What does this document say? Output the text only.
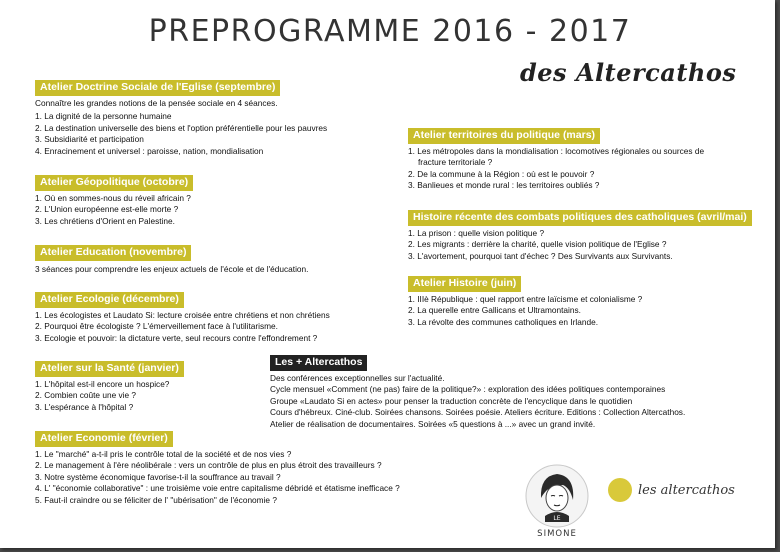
PREPROGRAMME 2016 - 2017
des Altercathos
Atelier Doctrine Sociale de l'Eglise (septembre)
Connaître les grandes notions de la pensée sociale en 4 séances.
1. La dignité de la personne humaine
2. La destination universelle des biens et l'option préférentielle pour les pauvres
3. Subsidiarité et participation
4. Enracinement et universel : paroisse, nation, mondialisation
Atelier Géopolitique (octobre)
1. Où en sommes-nous du réveil africain ?
2. L'Union européenne est-elle morte ?
3. Les chrétiens d'Orient en Palestine.
Atelier Education (novembre)
3 séances pour comprendre les enjeux actuels de l'école et de l'éducation.
Atelier Ecologie (décembre)
1. Les écologistes et Laudato Si: lecture croisée entre chrétiens et non chrétiens
2. Pourquoi être écologiste ? L'émerveillement face à l'utilitarisme.
3. Ecologie et pouvoir: la dictature verte, seul recours contre l'effondrement ?
Atelier sur la Santé (janvier)
1. L'hôpital est-il encore un hospice?
2. Combien coûte une vie ?
3. L'espérance à l'hôpital ?
Atelier Economie (février)
1. Le "marché" a-t-il pris le contrôle total de la société et de nos vies ?
2. Le management à l'ère néolibérale : vers un contrôle de plus en plus étroit des travailleurs ?
3. Notre système économique favorise-t-il la souffrance au travail ?
4. L' "économie collaborative" : une troisième voie entre capitalisme débridé et étatisme inefficace ?
5. Faut-il craindre ou se féliciter de l' "ubérisation" de l'économie ?
Atelier territoires du politique (mars)
1. Les métropoles dans la mondialisation : locomotives régionales ou sources de
fracture territoriale ?
2. De la commune à la Région : où est le pouvoir ?
3. Banlieues et monde rural : les territoires oubliés ?
Histoire récente des combats politiques des catholiques (avril/mai)
1. La prison : quelle vision politique ?
2. Les migrants : derrière la charité, quelle vision politique de l'Eglise ?
3. L'avortement, pourquoi tant d'échec ? Des Survivants aux Survivants.
Atelier Histoire (juin)
1. IIIè République : quel rapport entre laïcisme et colonialisme ?
2. La querelle entre Gallicans et Ultramontains.
3. La révolte des communes catholiques en Irlande.
Les + Altercathos
Des conférences exceptionnelles sur l'actualité.
Cycle mensuel «Comment (ne pas) faire de la politique?» : exploration des idées politiques contemporaines
Groupe «Laudato Si en actes» pour penser la traduction concrète de l'encyclique dans le quotidien
Cours d'hébreux. Ciné-club. Soirées chansons. Soirées poésie. Ateliers écriture. Editions : Collection Altercathos.
Atelier de réalisation de documentaires. Soirées «5 questions à ...» avec un grand invité.
LE
SIMONE
les altercathos
